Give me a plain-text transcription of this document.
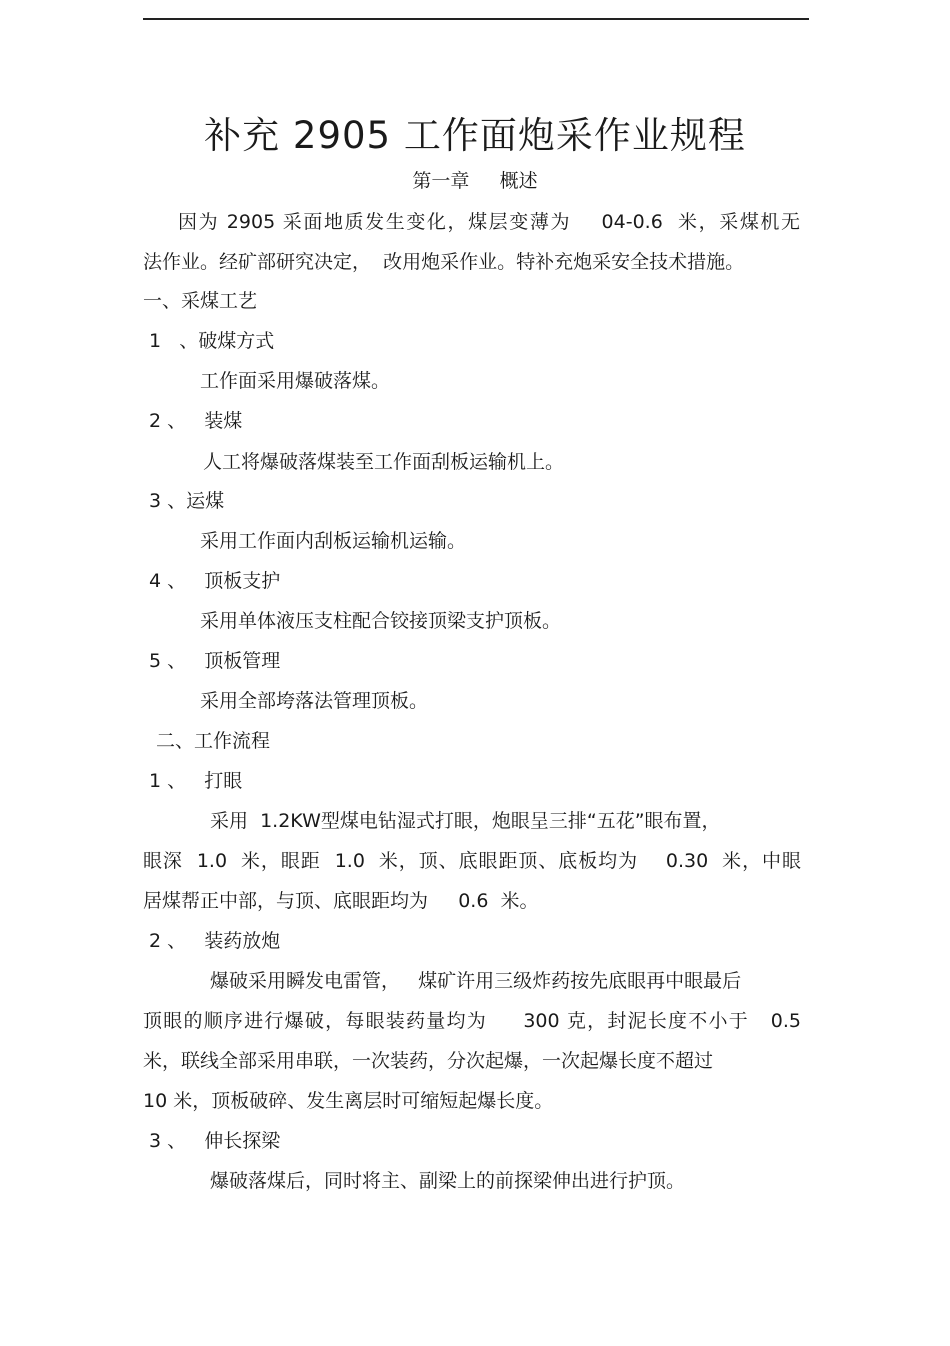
补充 2905 工作面炮采作业规程
第一章     概述
因为 2905 采面地质发生变化，煤层变薄为    04-0.6  米，采煤机无
法作业。经矿部研究决定，  改用炮采作业。特补充炮采安全技术措施。
一、采煤工艺
1   、破煤方式
工作面采用爆破落煤。
2 、   装煤
人工将爆破落煤装至工作面刮板运输机上。
3 、运煤
采用工作面内刮板运输机运输。
4 、   顶板支护
采用单体液压支柱配合铰接顶梁支护顶板。
5 、   顶板管理
采用全部垮落法管理顶板。
二、工作流程
1 、   打眼
采用  1.2KW型煤电钻湿式打眼，炮眼呈三排“五花”眼布置，
眼深  1.0  米，眼距  1.0  米，顶、底眼距顶、底板均为    0.30  米，中眼
居煤帮正中部，与顶、底眼距均为     0.6  米。
2 、   装药放炮
爆破采用瞬发电雷管，   煤矿许用三级炸药按先底眼再中眼最后
顶眼的顺序进行爆破，每眼装药量均为     300 克，封泥长度不小于   0.5
米，联线全部采用串联，一次装药，分次起爆，一次起爆长度不超过
10 米，顶板破碎、发生离层时可缩短起爆长度。
3 、   伸长探梁
爆破落煤后，同时将主、副梁上的前探梁伸出进行护顶。
